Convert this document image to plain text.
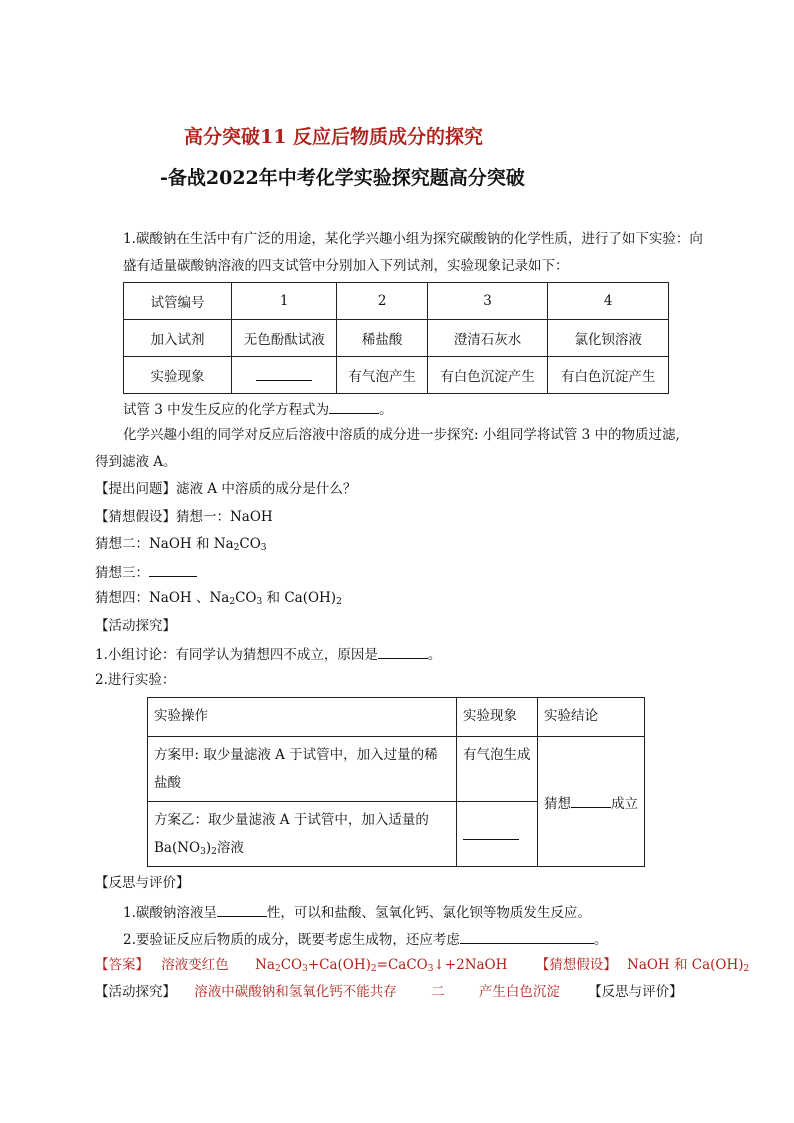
高分突破11 反应后物质成分的探究
-备战2022年中考化学实验探究题高分突破
1.碳酸钠在生活中有广泛的用途，某化学兴趣小组为探究碳酸钠的化学性质，进行了如下实验：向
盛有适量碳酸钠溶液的四支试管中分别加入下列试剂，实验现象记录如下：
试管编号	1	2	3	4
加入试剂	无色酚酞试液	稀盐酸	澄清石灰水	氯化钡溶液
实验现象		有气泡产生	有白色沉淀产生	有白色沉淀产生
试管 3 中发生反应的化学方程式为	。
化学兴趣小组的同学对反应后溶液中溶质的成分进一步探究: 小组同学将试管 3 中的物质过滤,
得到滤液 A。
【提出问题】滤液 A 中溶质的成分是什么？
【猜想假设】猜想一：NaOH
猜想二：NaOH 和 $Na_2CO_3$
猜想三：
猜想四：NaOH 、$Na_2CO_3$ 和 $Ca(OH)_2$
【活动探究】
1.小组讨论：有同学认为猜想四不成立，原因是	。
2.进行实验：
实验操作	实验现象	实验结论
方案甲: 取少量滤液 A 于试管中，加入过量的稀盐酸	有气泡生成	猜想 成立
方案乙：取少量滤液 A 于试管中，加入适量的 $Ba(NO_3)_2$溶液		
【反思与评价】
1.碳酸钠溶液呈	性，可以和盐酸、氢氧化钙、氯化钡等物质发生反应。
2.要验证反应后物质的成分，既要考虑生成物，还应考虑	。
【答案】 溶液变红色 $Na_2CO_3+Ca(OH)_2=CaCO_3↓+2NaOH$ 【猜想假设】 NaOH 和 $Ca(OH)_2$
【活动探究】 溶液中碳酸钠和氢氧化钙不能共存	二	产生白色沉淀 【反思与评价】
